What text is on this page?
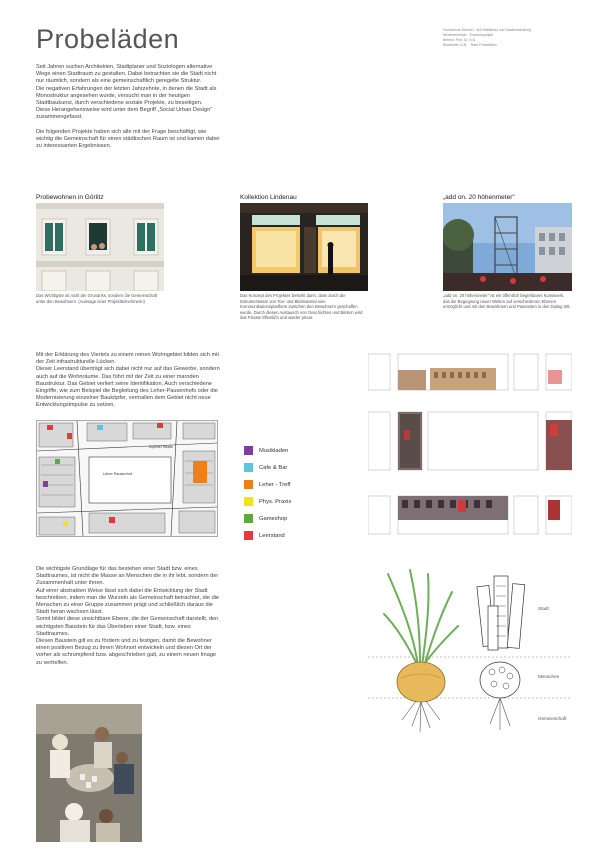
Probeläden	Hochschule Bremen · MA Städtebau und Stadtentwicklung
Wintersemester · Entwurfsprojekt
Betreut: Prof. Dr. N.N.
Bearbeitet: N.N. · Team Probeläden
Seit Jahren suchen Architekten, Stadtplaner und Soziologen alternative Wege einen Stadtraum zu gestalten. Dabei betrachten sie die Stadt nicht nur räumlich, sondern als eine gemeinschaftlich geregelte Struktur.
Die negativen Erfahrungen der letzten Jahrzehnte, in denen die Stadt als Monostruktur angesehen wurde, versucht man in der heutigen Stadtbaukunst, durch verschiedene soziale Projekte, zu beseitigen.
Diese Herangehensweise wird unter dem Begriff „Social Urban Design" zusammengefasst.
Die folgenden Projekte haben sich alle mit der Frage beschäftigt, wie wichtig die Gemeinschaft für einen städtischen Raum ist und kamen dabei zu interessanten Ergebnissen.
Probewohnen in Görlitz
Das Wichtigste ist nicht der Grundriss, sondern die Gemeinschaft unter den Bewohnern. (Aussage einer Projektteilnehmerin)
Kollektion Lindenau
Das Konzept des Projektes besteht darin, dass durch die Dokumentation von Ton- und Bildmaterial eine Kommunikationsplattform zwischen den Bewohnern geschaffen wurde. Durch diesen Austausch von Geschichten und Bildern wird das Private öffentlich und wieder privat.
„add on. 20 höhenmeter"
„add on. 20 höhenmeter" ist ein öffentlich begehbares Kunstwerk, das die Begegnung neuer Welten auf verschiedenen Ebenen ermöglicht und mit den Bewohnern und Passanten in den Dialog tritt.
Mit der Erklärung des Viertels zu einem reinen Wohngebiet bilden sich mit der Zeit infrastrukturelle Lücken.
Dieser Leerstand überträgt sich dabei nicht nur auf das Gewerbe, sondern auch auf die Wohnräume. Das führt mit der Zeit zu einer maroden Baustruktur. Das Gebiet verliert seine Identifikation. Auch verschiedene Eingriffe, wie zum Beispiel die Begleitung des Leher-Pausenhofs oder die Modernisierung einzelner Bauköpfer, vermallen dem Gebiet nicht neue Entwicklungsimpulse zu setzen.
Leher Pausenhof
Eupener Straße
Musikladen
Cafe & Bar
Leher - Treff
Phys. Praxis
Gameshop
Leerstand
Die wichtigste Grundlage für das bestehen einer Stadt bzw. eines Stadtraumes, ist nicht die Masse an Menschen die in ihr lebt, sondern der Zusammenhalt unter ihnen.
Auf einer abstrakten Weise lässt sich dabei die Entwicklung der Stadt beschreiben, indem man die Wurzeln als Gemeinschaft betrachtet, die die Menschen zu einer Gruppe zusammen prägt und schließlich daraus die Stadt heran wachsen lässt.
Somit bildet diese unsichtbare Ebene, die der Gemeinschaft darstellt, den wichtigsten Baustein für das Überleben einer Stadt, bzw. eines Stadtraumes.
Diesen Baustein gilt es zu fördern und zu festigen, damit die Bewohner einen positiven Bezug zu ihrem Wohnort entwickeln und diesen Ort der vorher als schrumpfend bzw. abgeschrieben galt, zu einem neuen Image zu verhelfen.
Stadt
Menschen
Gemeinschaft
